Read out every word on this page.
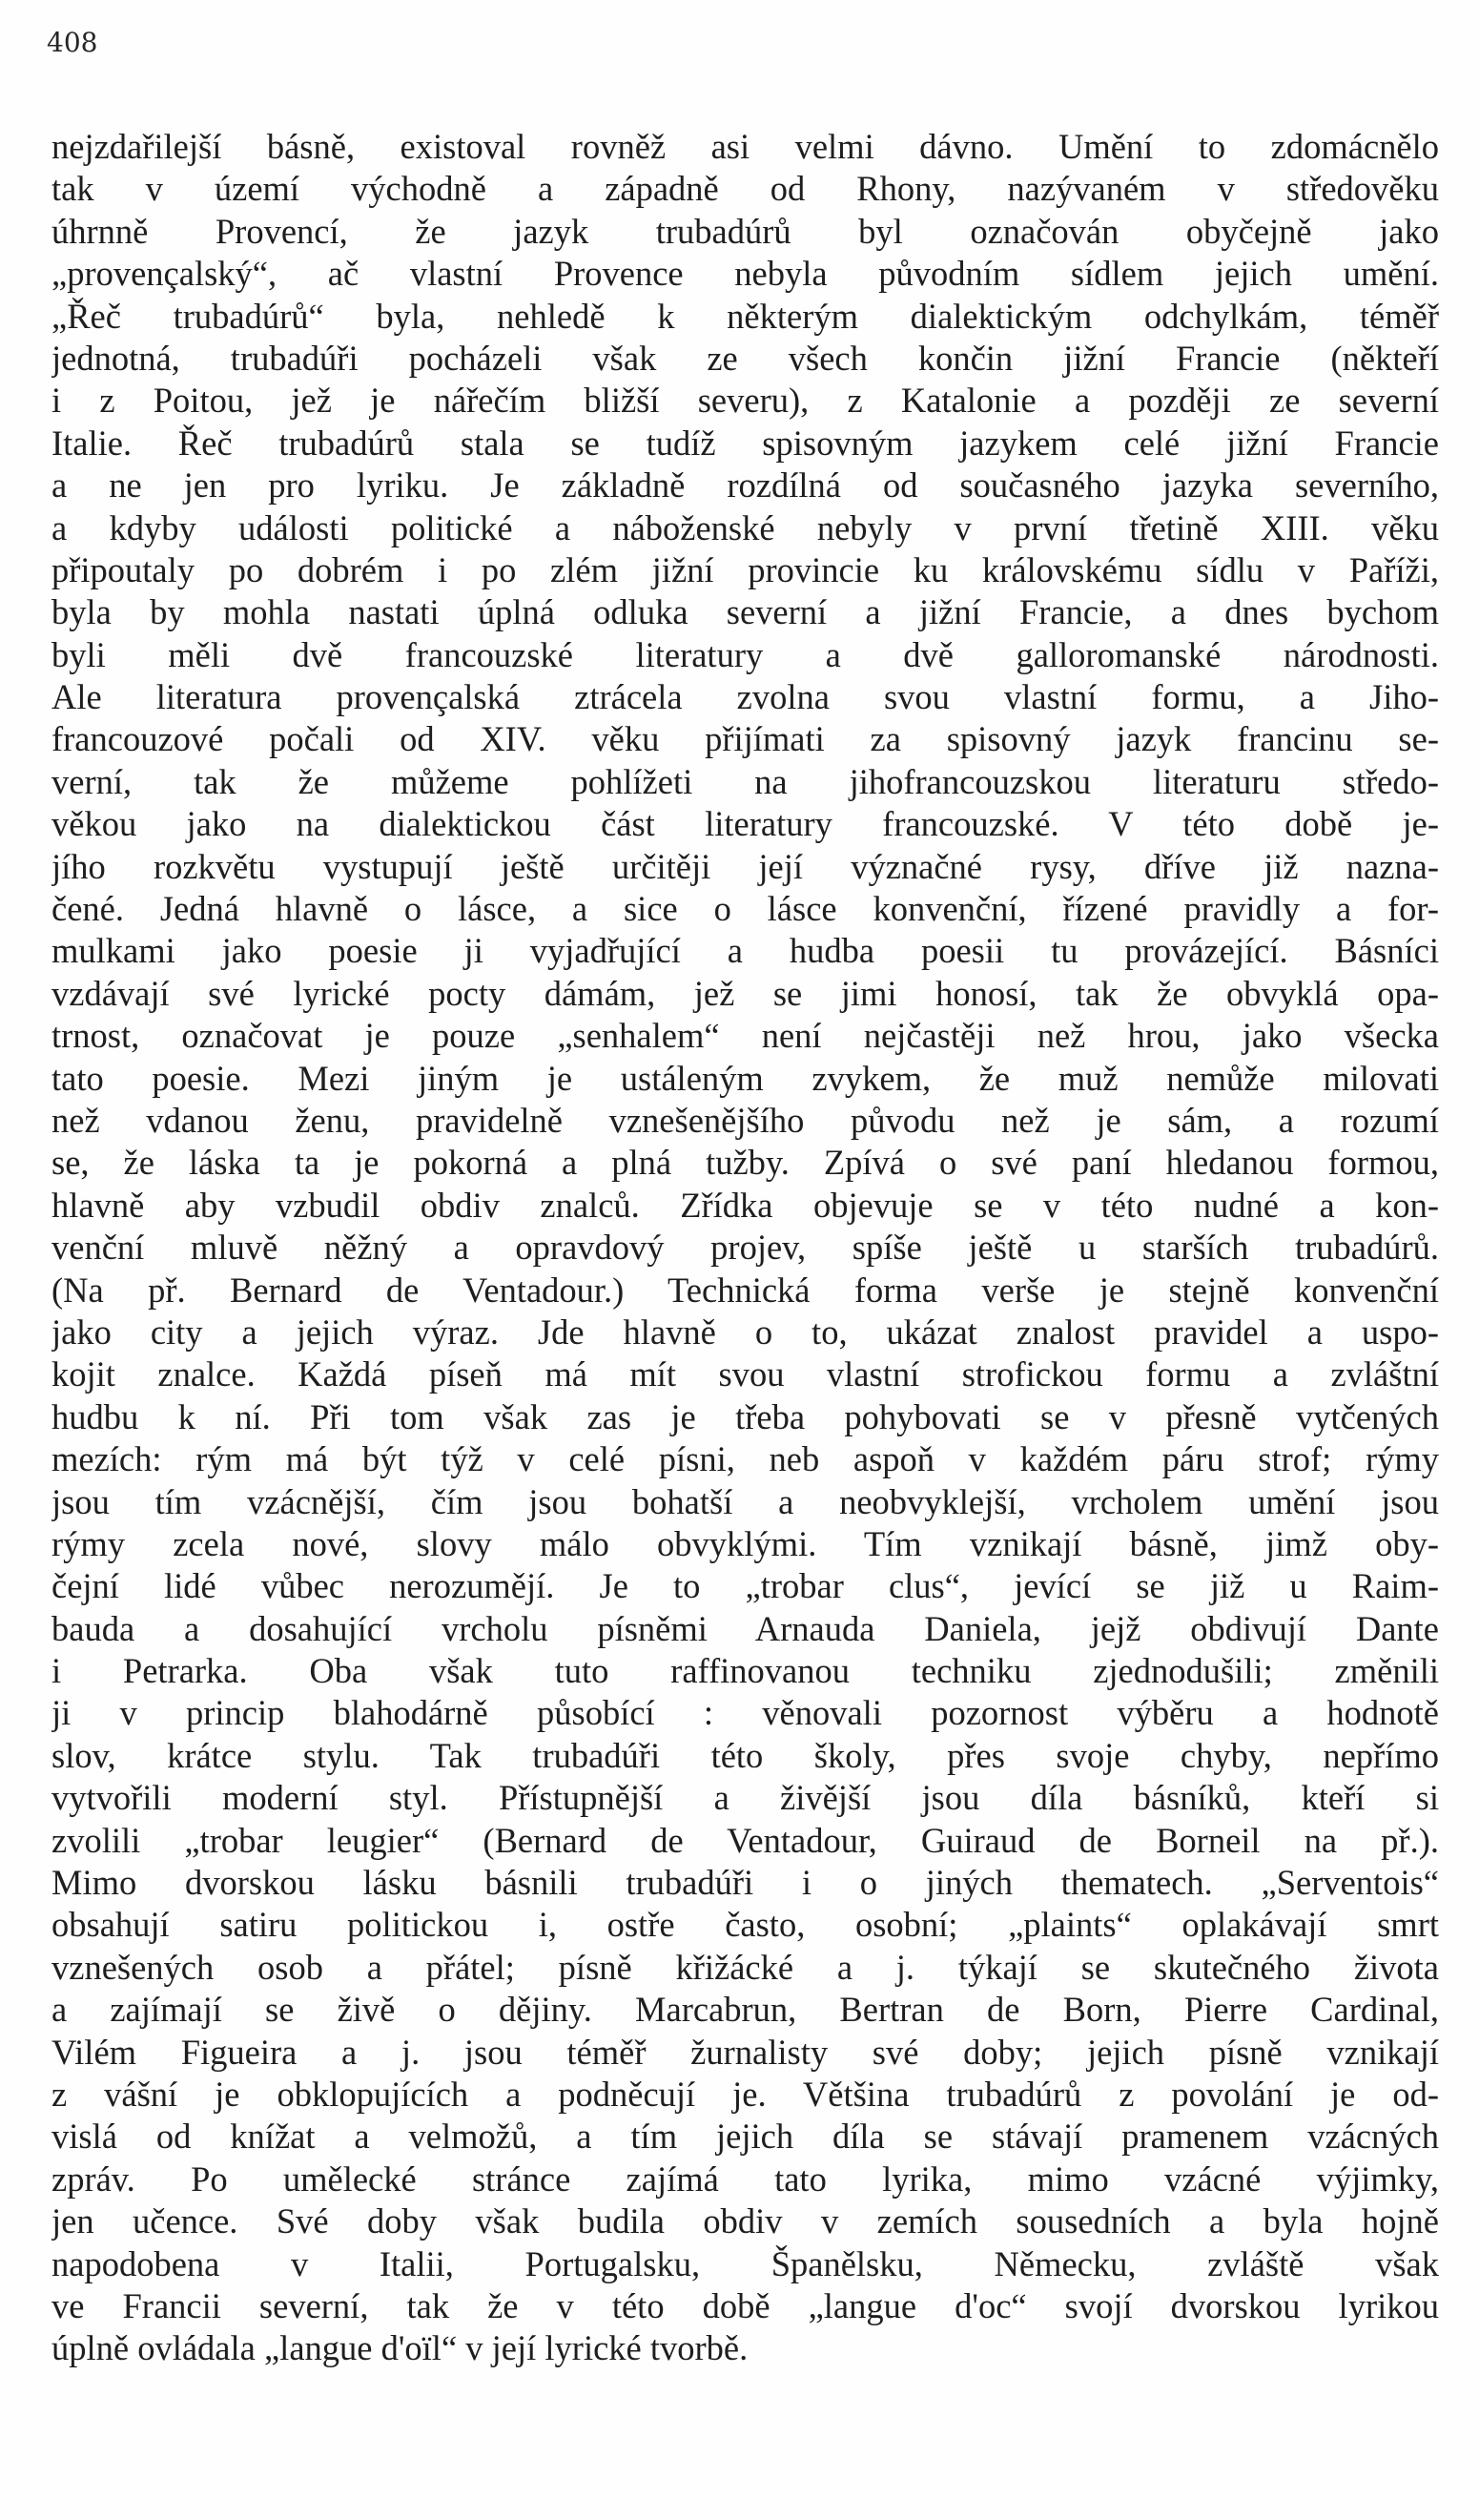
408
nejzdařilejší básně, existoval rovněž asi velmi dávno. Umění to zdomácnělo
tak v území východně a západně od Rhony, nazývaném v středověku
úhrnně Provencí, že jazyk trubadúrů byl označován obyčejně jako
„provençalský“, ač vlastní Provence nebyla původním sídlem jejich umění.
„Řeč trubadúrů“ byla, nehledě k některým dialektickým odchylkám, téměř
jednotná, trubadúři pocházeli však ze všech končin jižní Francie (někteří
i z Poitou, jež je nářečím bližší severu), z Katalonie a později ze severní
Italie. Řeč trubadúrů stala se tudíž spisovným jazykem celé jižní Francie
a ne jen pro lyriku. Je základně rozdílná od současného jazyka severního,
a kdyby události politické a náboženské nebyly v první třetině XIII. věku
připoutaly po dobrém i po zlém jižní provincie ku královskému sídlu v Paříži,
byla by mohla nastati úplná odluka severní a jižní Francie, a dnes bychom
byli měli dvě francouzské literatury a dvě galloromanské národnosti.
Ale literatura provençalská ztrácela zvolna svou vlastní formu, a Jiho-
francouzové počali od XIV. věku přijímati za spisovný jazyk francinu se-
verní, tak že můžeme pohlížeti na jihofrancouzskou literaturu středo-
věkou jako na dialektickou část literatury francouzské. V této době je-
jího rozkvětu vystupují ještě určitěji její význačné rysy, dříve již nazna-
čené. Jedná hlavně o lásce, a sice o lásce konvenční, řízené pravidly a for-
mulkami jako poesie ji vyjadřující a hudba poesii tu provázející. Básníci
vzdávají své lyrické pocty dámám, jež se jimi honosí, tak že obvyklá opa-
trnost, označovat je pouze „senhalem“ není nejčastěji než hrou, jako všecka
tato poesie. Mezi jiným je ustáleným zvykem, že muž nemůže milovati
než vdanou ženu, pravidelně vznešenějšího původu než je sám, a rozumí
se, že láska ta je pokorná a plná tužby. Zpívá o své paní hledanou formou,
hlavně aby vzbudil obdiv znalců. Zřídka objevuje se v této nudné a kon-
venční mluvě něžný a opravdový projev, spíše ještě u starších trubadúrů.
(Na př. Bernard de Ventadour.) Technická forma verše je stejně konvenční
jako city a jejich výraz. Jde hlavně o to, ukázat znalost pravidel a uspo-
kojit znalce. Každá píseň má mít svou vlastní strofickou formu a zvláštní
hudbu k ní. Při tom však zas je třeba pohybovati se v přesně vytčených
mezích: rým má být týž v celé písni, neb aspoň v každém páru strof; rýmy
jsou tím vzácnější, čím jsou bohatší a neobvyklejší, vrcholem umění jsou
rýmy zcela nové, slovy málo obvyklými. Tím vznikají básně, jimž oby-
čejní lidé vůbec nerozumějí. Je to „trobar clus“, jevící se již u Raim-
bauda a dosahující vrcholu písněmi Arnauda Daniela, jejž obdivují Dante
i Petrarka. Oba však tuto raffinovanou techniku zjednodušili; změnili
ji v princip blahodárně působící : věnovali pozornost výběru a hodnotě
slov, krátce stylu. Tak trubadúři této školy, přes svoje chyby, nepřímo
vytvořili moderní styl. Přístupnější a živější jsou díla básníků, kteří si
zvolili „trobar leugier“ (Bernard de Ventadour, Guiraud de Borneil na př.).
Mimo dvorskou lásku básnili trubadúři i o jiných thematech. „Serventois“
obsahují satiru politickou i, ostře často, osobní; „plaints“ oplakávají smrt
vznešených osob a přátel; písně křižácké a j. týkají se skutečného života
a zajímají se živě o dějiny. Marcabrun, Bertran de Born, Pierre Cardinal,
Vilém Figueira a j. jsou téměř žurnalisty své doby; jejich písně vznikají
z vášní je obklopujících a podněcují je. Většina trubadúrů z povolání je od-
vislá od knížat a velmožů, a tím jejich díla se stávají pramenem vzácných
zpráv. Po umělecké stránce zajímá tato lyrika, mimo vzácné výjimky,
jen učence. Své doby však budila obdiv v zemích sousedních a byla hojně
napodobena v Italii, Portugalsku, Španělsku, Německu, zvláště však
ve Francii severní, tak že v této době „langue d'oc“ svojí dvorskou lyrikou
úplně ovládala „langue d'oïl“ v její lyrické tvorbě.
